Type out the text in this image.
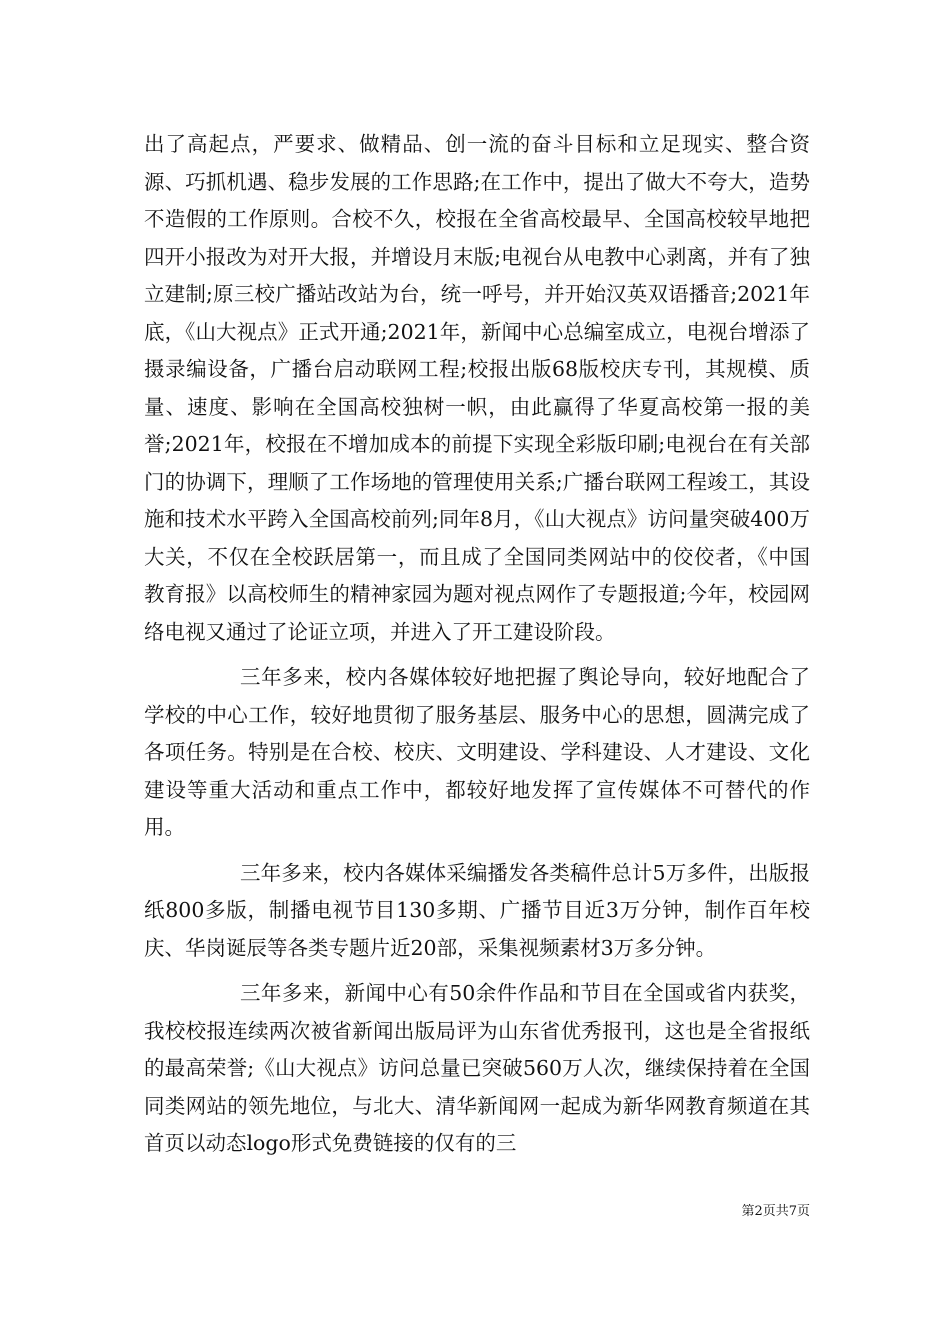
出了高起点，严要求、做精品、创一流的奋斗目标和立足现实、整合资源、巧抓机遇、稳步发展的工作思路;在工作中，提出了做大不夸大，造势不造假的工作原则。合校不久，校报在全省高校最早、全国高校较早地把四开小报改为对开大报，并增设月末版;电视台从电教中心剥离，并有了独立建制;原三校广播站改站为台，统一呼号，并开始汉英双语播音;2021年底，《山大视点》正式开通;2021年，新闻中心总编室成立，电视台增添了摄录编设备，广播台启动联网工程;校报出版68版校庆专刊，其规模、质量、速度、影响在全国高校独树一帜，由此赢得了华夏高校第一报的美誉;2021年，校报在不增加成本的前提下实现全彩版印刷;电视台在有关部门的协调下，理顺了工作场地的管理使用关系;广播台联网工程竣工，其设施和技术水平跨入全国高校前列;同年8月，《山大视点》访问量突破400万大关，不仅在全校跃居第一，而且成了全国同类网站中的佼佼者，《中国教育报》以高校师生的精神家园为题对视点网作了专题报道;今年，校园网络电视又通过了论证立项，并进入了开工建设阶段。

三年多来，校内各媒体较好地把握了舆论导向，较好地配合了学校的中心工作，较好地贯彻了服务基层、服务中心的思想，圆满完成了各项任务。特别是在合校、校庆、文明建设、学科建设、人才建设、文化建设等重大活动和重点工作中，都较好地发挥了宣传媒体不可替代的作用。

三年多来，校内各媒体采编播发各类稿件总计5万多件，出版报纸800多版，制播电视节目130多期、广播节目近3万分钟，制作百年校庆、华岗诞辰等各类专题片近20部，采集视频素材3万多分钟。

三年多来，新闻中心有50余件作品和节目在全国或省内获奖，我校校报连续两次被省新闻出版局评为山东省优秀报刊，这也是全省报纸的最高荣誉;《山大视点》访问总量已突破560万人次，继续保持着在全国同类网站的领先地位，与北大、清华新闻网一起成为新华网教育频道在其首页以动态logo形式免费链接的仅有的三

第2页共7页
